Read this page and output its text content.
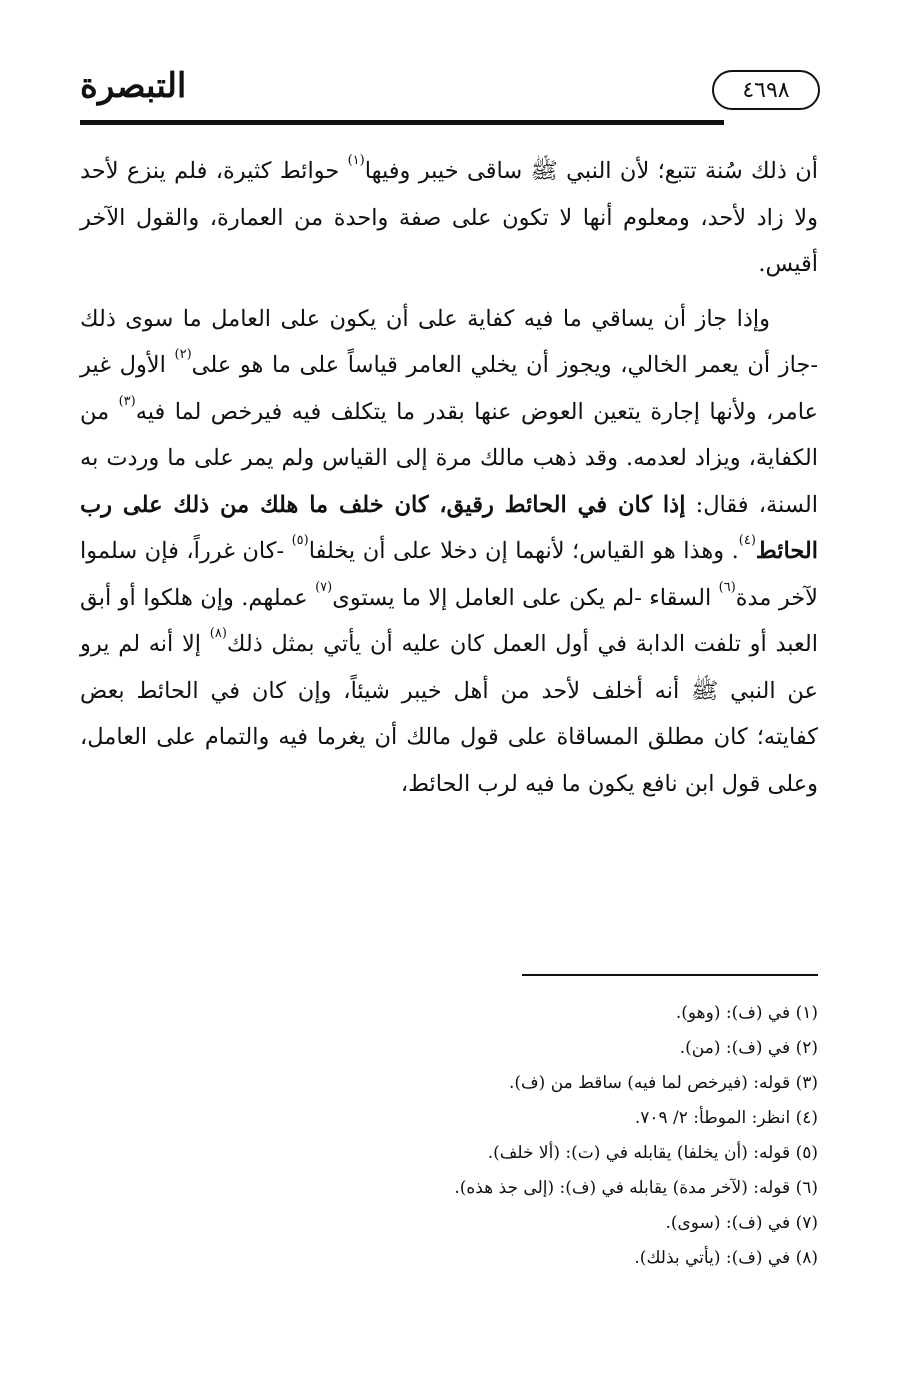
التبصرة	٤٦٩٨

أن ذلك سُنة تتبع؛ لأن النبي ﷺ ساقى خيبر وفيها$^{(١)}$ حوائط كثيرة، فلم ينزع لأحد ولا زاد لأحد، ومعلوم أنها لا تكون على صفة واحدة من العمارة، والقول الآخر أقيس.

وإذا جاز أن يساقي ما فيه كفاية على أن يكون على العامل ما سوى ذلك -جاز أن يعمر الخالي، ويجوز أن يخلي العامر قياساً على ما هو على$^{(٢)}$ الأول غير عامر، ولأنها إجارة يتعين العوض عنها بقدر ما يتكلف فيه فيرخص لما فيه$^{(٣)}$ من الكفاية، ويزاد لعدمه. وقد ذهب مالك مرة إلى القياس ولم يمر على ما وردت به السنة، فقال: إذا كان في الحائط رقيق، كان خلف ما هلك من ذلك على رب الحائط$^{(٤)}$. وهذا هو القياس؛ لأنهما إن دخلا على أن يخلفا$^{(٥)}$ -كان غرراً، فإن سلموا لآخر مدة$^{(٦)}$ السقاء -لم يكن على العامل إلا ما يستوى$^{(٧)}$ عملهم. وإن هلكوا أو أبق العبد أو تلفت الدابة في أول العمل كان عليه أن يأتي بمثل ذلك$^{(٨)}$ إلا أنه لم يرو عن النبي ﷺ أنه أخلف لأحد من أهل خيبر شيئاً، وإن كان في الحائط بعض كفايته؛ كان مطلق المساقاة على قول مالك أن يغرما فيه والتمام على العامل، وعلى قول ابن نافع يكون ما فيه لرب الحائط،

(١) في (ف): (وهو).
(٢) في (ف): (من).
(٣) قوله: (فيرخص لما فيه) ساقط من (ف).
(٤) انظر: الموطأ: ٢/ ٧٠٩.
(٥) قوله: (أن يخلفا) يقابله في (ت): (ألا خلف).
(٦) قوله: (لآخر مدة) يقابله في (ف): (إلى جذ هذه).
(٧) في (ف): (سوى).
(٨) في (ف): (يأتي بذلك).
